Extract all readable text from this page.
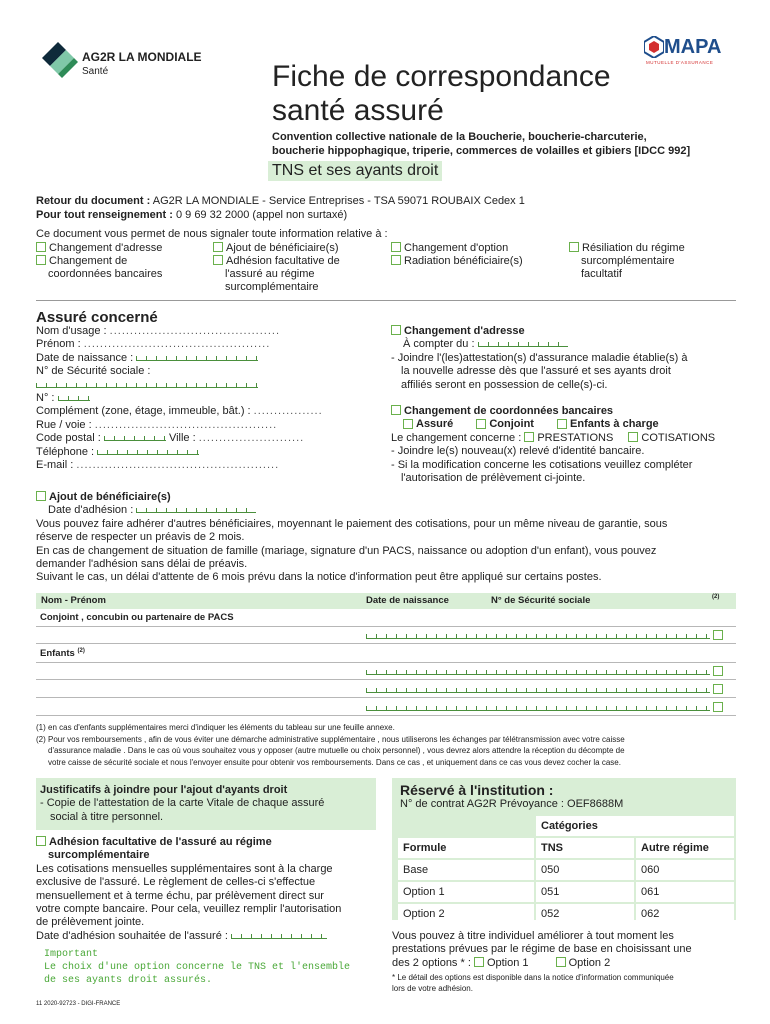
AG2R LA MONDIALE
Santé
MAPA
MUTUELLE D'ASSURANCE
Fiche de correspondance
santé assuré
Convention collective nationale de la Boucherie, boucherie-charcuterie,
boucherie hippophagique, triperie, commerces de volailles et gibiers [IDCC 992]
TNS et ses ayants droit
Retour du document : AG2R LA MONDIALE - Service Entreprises - TSA 59071 ROUBAIX Cedex 1
Pour tout renseignement : 0 9 69 32 2000 (appel non surtaxé)
Ce document vous permet de nous signaler toute information relative à :
Changement d'adresse
Changement de
coordonnées bancaires
Ajout de bénéficiaire(s)
Adhésion facultative de
l'assuré au régime
surcomplémentaire
Changement d'option
Radiation bénéficiaire(s)
Résiliation du régime
surcomplémentaire
facultatif
Assuré concerné
Nom d'usage : ..........................................
Prénom : ..............................................
Date de naissance :
N° de Sécurité sociale :
N° :
Complément (zone, étage, immeuble, bât.) : .................
Rue / voie : .............................................
Code postal :	Ville : ..........................
Téléphone :
E-mail : ..................................................
Changement d'adresse
À compter du :
- Joindre l'(les)attestation(s) d'assurance maladie établie(s) à
la nouvelle adresse dès que l'assuré et ses ayants droit
affiliés seront en possession de celle(s)-ci.
Changement de coordonnées bancaires
Assuré	Conjoint	Enfants à charge
Le changement concerne : PRESTATIONS	COTISATIONS
- Joindre le(s) nouveau(x) relevé d'identité bancaire.
- Si la modification concerne les cotisations veuillez compléter
l'autorisation de prélèvement ci-jointe.
Ajout de bénéficiaire(s)
Date d'adhésion :
Vous pouvez faire adhérer d'autres bénéficiaires, moyennant le paiement des cotisations, pour un même niveau de garantie, sous
réserve de respecter un préavis de 2 mois.
En cas de changement de situation de famille (mariage, signature d'un PACS, naissance ou adoption d'un enfant), vous pouvez
demander l'adhésion sans délai de préavis.
Suivant le cas, un délai d'attente de 6 mois prévu dans la notice d'information peut être appliqué sur certains postes.
Nom - Prénom	Date de naissance	N° de Sécurité sociale	(2)
Conjoint , concubin ou partenaire de PACS

Enfants $^{(2)}$

(1) en cas d'enfants supplémentaires merci d'indiquer les éléments du tableau sur une feuille annexe.
(2) Pour vos remboursements , afin de vous éviter une démarche administrative supplémentaire , nous utiliserons les échanges par télétransmission avec votre caisse
d'assurance maladie . Dans le cas où vous souhaitez vous y opposer (autre mutuelle ou choix personnel) , vous devrez alors attendre la réception du décompte de
votre caisse de sécurité sociale et nous l'envoyer ensuite pour obtenir vos remboursements. Dans ce cas , et uniquement dans ce cas vous devez cocher la case.
Justificatifs à joindre pour l'ajout d'ayants droit
- Copie de l'attestation de la carte Vitale de chaque assuré
social à titre personnel.
Adhésion facultative de l'assuré au régime
surcomplémentaire
Les cotisations mensuelles supplémentaires sont à la charge
exclusive de l'assuré. Le règlement de celles-ci s'effectue
mensuellement et à terme échu, par prélèvement direct sur
votre compte bancaire. Pour cela, veuillez remplir l'autorisation
de prélèvement jointe.
Date d'adhésion souhaitée de l'assuré :
Important
Le choix d'une option concerne le TNS et l'ensemble
de ses ayants droit assurés.
Réservé à l'institution :
N° de contrat AG2R Prévoyance : OEF8688M
	Catégories	
Formule	TNS	Autre régime
Base	050	060
Option 1	051	061
Option 2	052	062
Vous pouvez à titre individuel améliorer à tout moment les
prestations prévues par le régime de base en choisissant une
des 2 options * : Option 1	Option 2
* Le détail des options est disponible dans la notice d'information communiquée
lors de votre adhésion.
11 2020-92723 - DIGI-FRANCE
